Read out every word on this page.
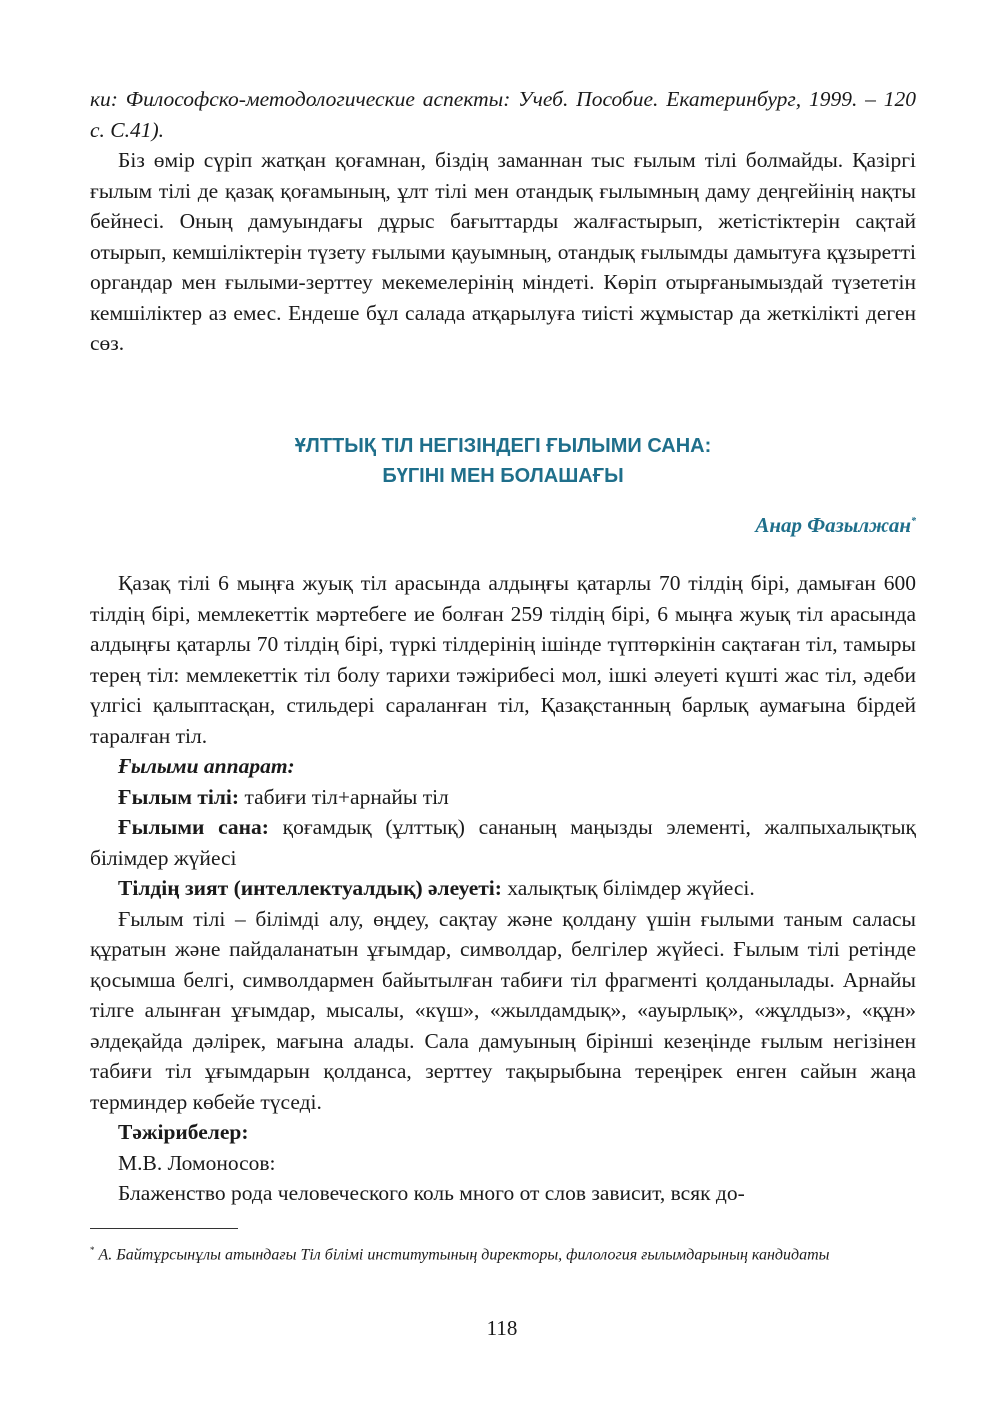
ки: Философско-методологические аспекты: Учеб. Пособие. Екатеринбург, 1999. – 120 с. С.41).

Біз өмір сүріп жатқан қоғамнан, біздің заманнан тыс ғылым тілі болмайды. Қазіргі ғылым тілі де қазақ қоғамының, ұлт тілі мен отандық ғылымның даму деңгейінің нақты бейнесі. Оның дамуындағы дұрыс бағыттарды жалғастырып, жетістіктерін сақтай отырып, кемшіліктерін түзету ғылыми қауымның, отандық ғылымды дамытуға құзыретті органдар мен ғылыми-зерттеу мекемелерінің міндеті. Көріп отырғанымыздай түзететін кемшіліктер аз емес. Ендеше бұл салада атқарылуға тиісті жұмыстар да жеткілікті деген сөз.

ҰЛТТЫҚ ТІЛ НЕГІЗІНДЕГІ ҒЫЛЫМИ САНА:
БҮГІНІ МЕН БОЛАШАҒЫ
Анар Фазылжан*

Қазақ тілі 6 мыңға жуық тіл арасында алдыңғы қатарлы 70 тілдің бірі, дамыған 600 тілдің бірі, мемлекеттік мәртебеге ие болған 259 тілдің бірі, 6 мыңға жуық тіл арасында алдыңғы қатарлы 70 тілдің бірі, түркі тілдерінің ішінде түптөркінін сақтаған тіл, тамыры терең тіл: мемлекеттік тіл болу тарихи тәжірибесі мол, ішкі әлеуеті күшті жас тіл, әдеби үлгісі қалыптасқан, стильдері сараланған тіл, Қазақстанның барлық аумағына бірдей таралған тіл.

Ғылыми аппарат:

Ғылым тілі: табиғи тіл+арнайы тіл

Ғылыми сана: қоғамдық (ұлттық) сананың маңызды элементі, жалпыхалықтық білімдер жүйесі

Тілдің зият (интеллектуалдық) әлеуеті: халықтық білімдер жүйесі.

Ғылым тілі – білімді алу, өңдеу, сақтау және қолдану үшін ғылыми таным саласы құратын және пайдаланатын ұғымдар, символдар, белгілер жүйесі. Ғылым тілі ретінде қосымша белгі, символдармен байытылған табиғи тіл фрагменті қолданылады. Арнайы тілге алынған ұғымдар, мысалы, «күш», «жылдамдық», «ауырлық», «жұлдыз», «құн» әлдеқайда дәлірек, мағына алады. Сала дамуының бірінші кезеңінде ғылым негізінен табиғи тіл ұғымдарын қолданса, зерттеу тақырыбына тереңірек енген сайын жаңа терминдер көбейе түседі.

Тәжірибелер:

М.В. Ломоносов:

Блаженство рода человеческого коль много от слов зависит, всяк до-

* А. Байтұрсынұлы атындағы Тіл білімі институтының директоры, филология ғылымдарының кандидаты
118
